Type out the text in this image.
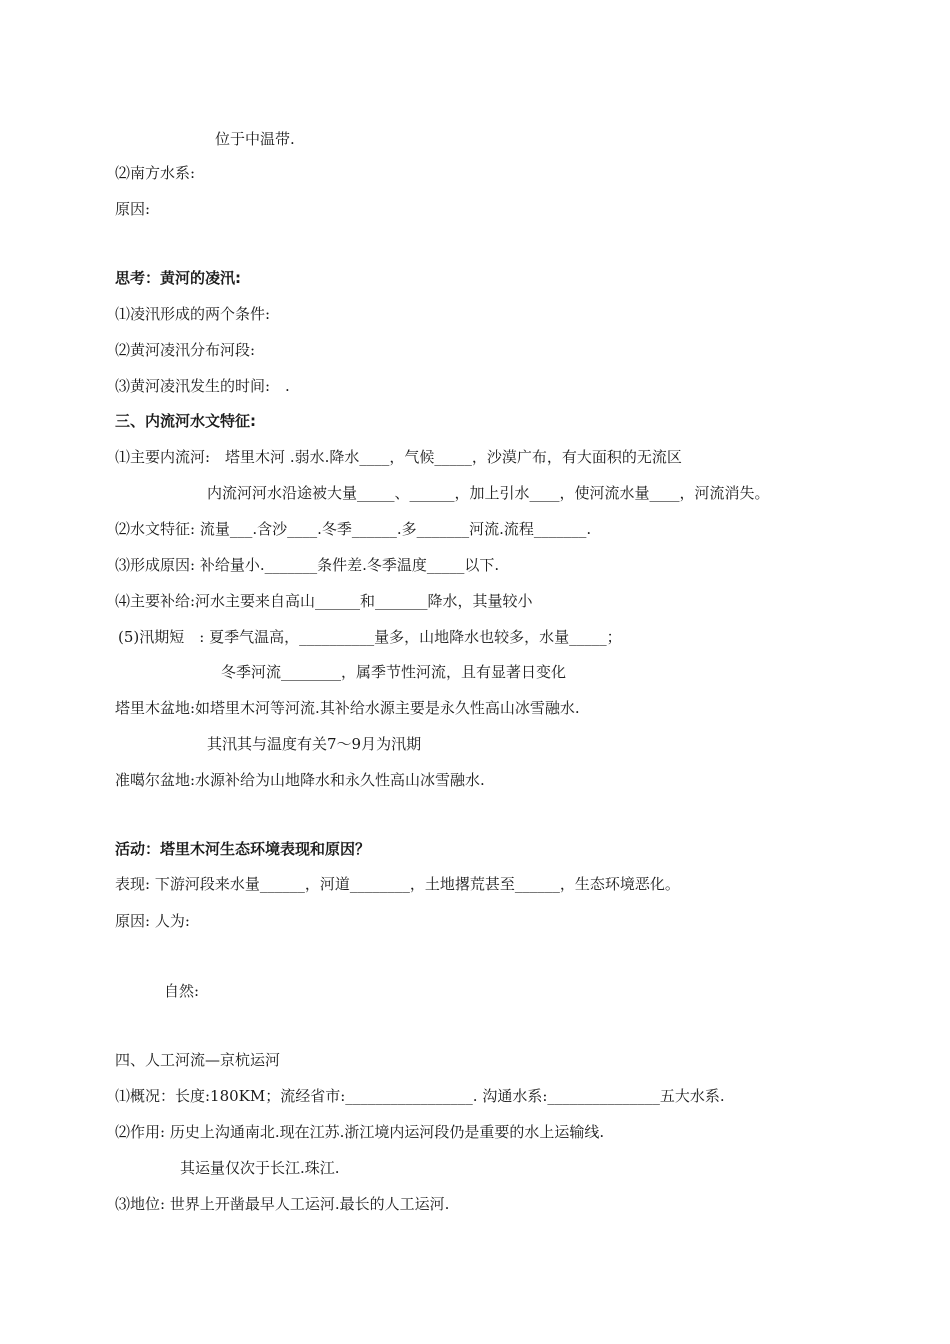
位于中温带.
⑵南方水系:
原因:
思考：黄河的凌汛:
⑴凌汛形成的两个条件:
⑵黄河凌汛分布河段:
⑶黄河凌汛发生的时间:　.
三、内流河水文特征:
⑴主要内流河:　塔里木河 .弱水.降水____，气候_____，沙漠广布，有大面积的无流区
内流河河水沿途被大量_____、______，加上引水____，使河流水量____，河流消失。
⑵水文特征: 流量___.含沙____.冬季______.多_______河流.流程_______.
⑶形成原因: 补给量小._______条件差.冬季温度_____以下.
⑷主要补给:河水主要来自高山______和_______降水，其量较小
(5)汛期短　: 夏季气温高，__________量多，山地降水也较多，水量_____；
冬季河流________，属季节性河流，且有显著日变化
塔里木盆地:如塔里木河等河流.其补给水源主要是永久性高山冰雪融水.
其汛其与温度有关7～9月为汛期
准噶尔盆地:水源补给为山地降水和永久性高山冰雪融水.
活动：塔里木河生态环境表现和原因？
表现: 下游河段来水量______，河道________，土地撂荒甚至______，生态环境恶化。
原因: 人为:
自然:
四、人工河流—京杭运河
⑴概况：长度:180KM；流经省市:_________________. 沟通水系:_______________五大水系.
⑵作用: 历史上沟通南北.现在江苏.浙江境内运河段仍是重要的水上运输线.
其运量仅次于长江.珠江.
⑶地位: 世界上开凿最早人工运河.最长的人工运河.
